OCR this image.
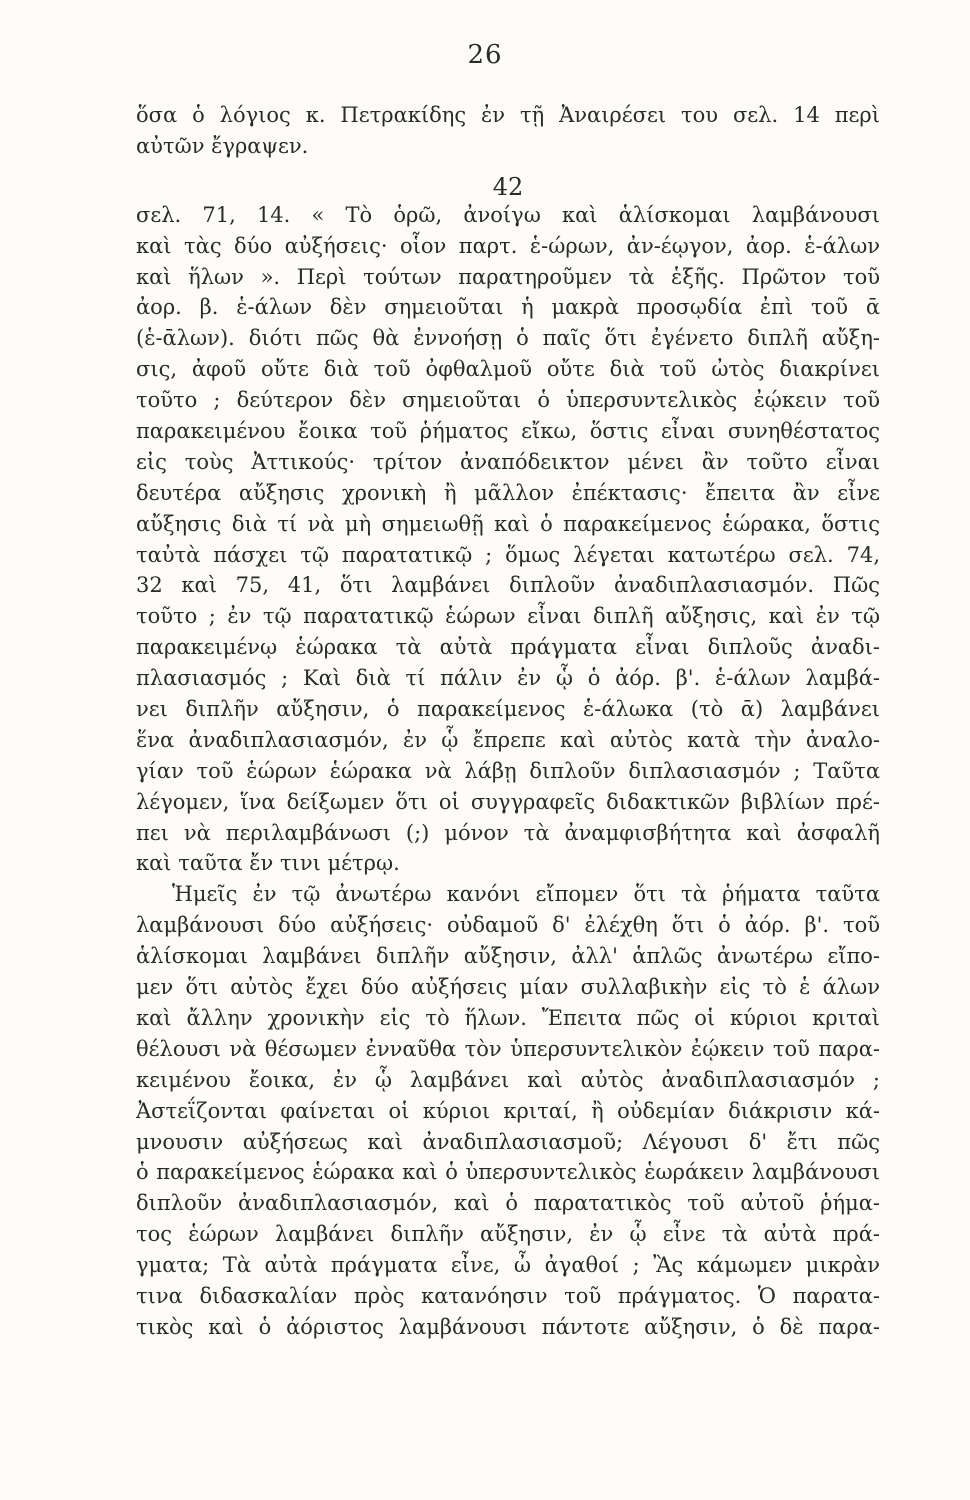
26
ὅσα ὁ λόγιος κ. Πετρακίδης ἐν τῇ Ἀναιρέσει του σελ. 14 περὶ
αὐτῶν ἔγραψεν.
42
σελ. 71, 14. « Τὸ ὁρῶ, ἀνοίγω καὶ ἁλίσκομαι λαμβάνουσι
καὶ τὰς δύο αὐξήσεις· οἷον παρτ. ἑ-ώρων, ἀν-έῳγον, ἀορ. ἑ-άλων
καὶ ἥλων ». Περὶ τούτων παρατηροῦμεν τὰ ἑξῆς. Πρῶτον τοῦ
ἀορ. β. ἑ-άλων δὲν σημειοῦται ἡ μακρὰ προσῳδία ἐπὶ τοῦ ᾱ
(ἑ-ᾱλων). διότι πῶς θὰ ἐννοήσῃ ὁ παῖς ὅτι ἐγένετο διπλῆ αὔξη-
σις, ἀφοῦ οὔτε διὰ τοῦ ὀφθαλμοῦ οὔτε διὰ τοῦ ὠτὸς διακρίνει
τοῦτο ; δεύτερον δὲν σημειοῦται ὁ ὑπερσυντελικὸς ἐῴκειν τοῦ
παρακειμένου ἔοικα τοῦ ῥήματος εἴκω, ὅστις εἶναι συνηθέστατος
εἰς τοὺς Ἀττικούς· τρίτον ἀναπόδεικτον μένει ἂν τοῦτο εἶναι
δευτέρα αὔξησις χρονικὴ ἢ μᾶλλον ἐπέκτασις· ἔπειτα ἂν εἶνε
αὔξησις διὰ τί νὰ μὴ σημειωθῇ καὶ ὁ παρακείμενος ἑώρακα, ὅστις
ταὐτὰ πάσχει τῷ παρατατικῷ ; ὅμως λέγεται κατωτέρω σελ. 74,
32 καὶ 75, 41, ὅτι λαμβάνει διπλοῦν ἀναδιπλασιασμόν. Πῶς
τοῦτο ; ἐν τῷ παρατατικῷ ἑώρων εἶναι διπλῆ αὔξησις, καὶ ἐν τῷ
παρακειμένῳ ἑώρακα τὰ αὐτὰ πράγματα εἶναι διπλοῦς ἀναδι-
πλασιασμός ; Καὶ διὰ τί πάλιν ἐν ᾧ ὁ ἀόρ. β'. ἑ-άλων λαμβά-
νει διπλῆν αὔξησιν, ὁ παρακείμενος ἑ-άλωκα (τὸ ᾱ) λαμβάνει
ἕνα ἀναδιπλασιασμόν, ἐν ᾧ ἔπρεπε καὶ αὐτὸς κατὰ τὴν ἀναλο-
γίαν τοῦ ἑώρων ἑώρακα νὰ λάβῃ διπλοῦν διπλασιασμόν ; Ταῦτα
λέγομεν, ἵνα δείξωμεν ὅτι οἱ συγγραφεῖς διδακτικῶν βιβλίων πρέ-
πει νὰ περιλαμβάνωσι (;) μόνον τὰ ἀναμφισβήτητα καὶ ἀσφαλῆ
καὶ ταῦτα ἔν τινι μέτρῳ.
Ἡμεῖς ἐν τῷ ἀνωτέρω κανόνι εἴπομεν ὅτι τὰ ῥήματα ταῦτα
λαμβάνουσι δύο αὐξήσεις· οὐδαμοῦ δ' ἐλέχθη ὅτι ὁ ἀόρ. β'. τοῦ
ἁλίσκομαι λαμβάνει διπλῆν αὔξησιν, ἀλλ' ἁπλῶς ἀνωτέρω εἴπο-
μεν ὅτι αὐτὸς ἔχει δύο αὐξήσεις μίαν συλλαβικὴν εἰς τὸ ἑ άλων
καὶ ἄλλην χρονικὴν εἰς τὸ ἥλων. Ἔπειτα πῶς οἱ κύριοι κριταὶ
θέλουσι νὰ θέσωμεν ἐνναῦθα τὸν ὑπερσυντελικὸν ἐῴκειν τοῦ παρα-
κειμένου ἔοικα, ἐν ᾧ λαμβάνει καὶ αὐτὸς ἀναδιπλασιασμόν ;
Ἀστεΐζονται φαίνεται οἱ κύριοι κριταί, ἢ οὐδεμίαν διάκρισιν κά-
μνουσιν αὐξήσεως καὶ ἀναδιπλασιασμοῦ; Λέγουσι δ' ἔτι πῶς
ὁ παρακείμενος ἑώρακα καὶ ὁ ὑπερσυντελικὸς ἑωράκειν λαμβάνουσι
διπλοῦν ἀναδιπλασιασμόν, καὶ ὁ παρατατικὸς τοῦ αὐτοῦ ῥήμα-
τος ἑώρων λαμβάνει διπλῆν αὔξησιν, ἐν ᾧ εἶνε τὰ αὐτὰ πρά-
γματα; Τὰ αὐτὰ πράγματα εἶνε, ὦ ἀγαθοί ; Ἂς κάμωμεν μικρὰν
τινα διδασκαλίαν πρὸς κατανόησιν τοῦ πράγματος. Ὁ παρατα-
τικὸς καὶ ὁ ἀόριστος λαμβάνουσι πάντοτε αὔξησιν, ὁ δὲ παρα-
